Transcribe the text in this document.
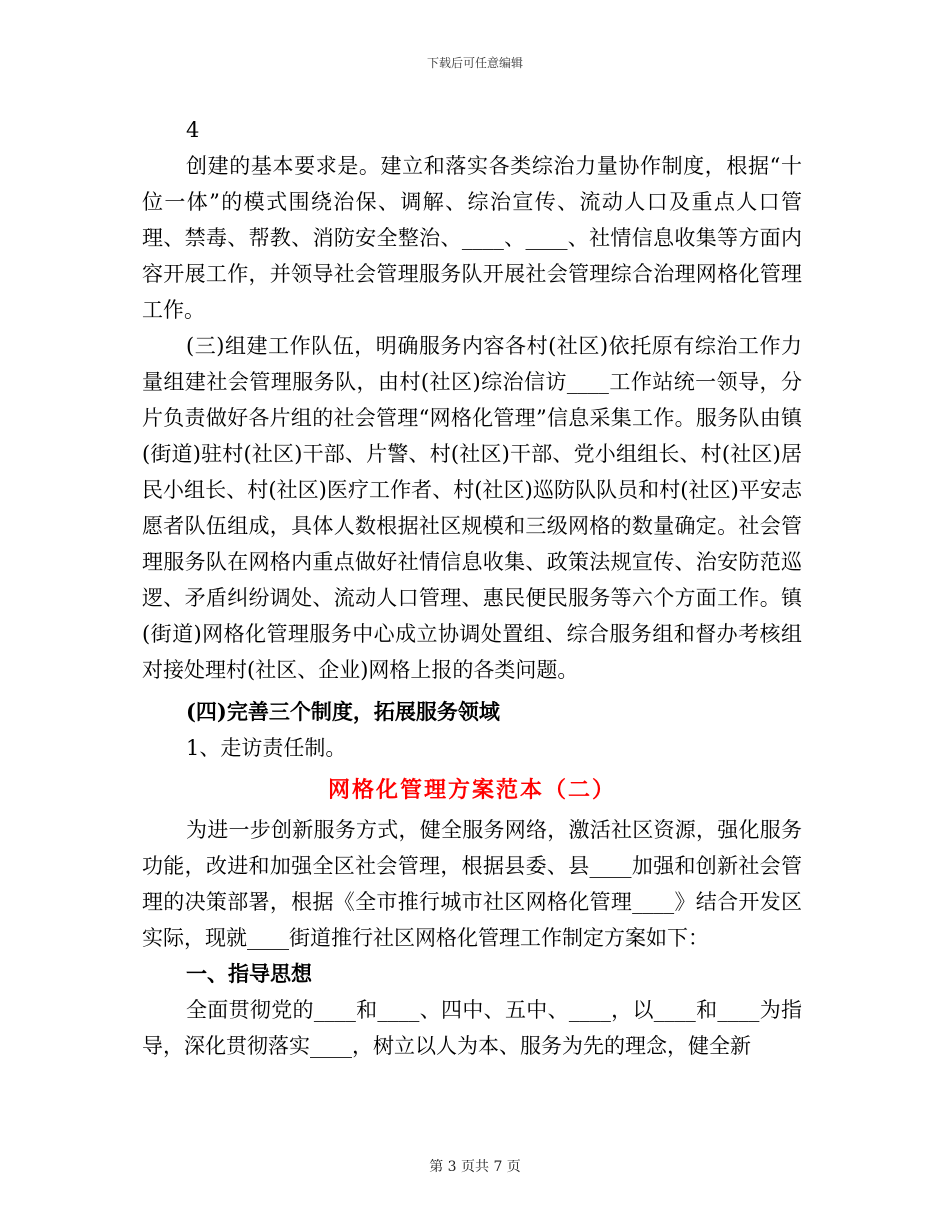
下载后可任意编辑

4

创建的基本要求是。建立和落实各类综治力量协作制度，根据“十位一体”的模式围绕治保、调解、综治宣传、流动人口及重点人口管理、禁毒、帮教、消防安全整治、____、____、社情信息收集等方面内容开展工作，并领导社会管理服务队开展社会管理综合治理网格化管理工作。

(三)组建工作队伍，明确服务内容各村(社区)依托原有综治工作力量组建社会管理服务队，由村(社区)综治信访____工作站统一领导，分片负责做好各片组的社会管理“网格化管理”信息采集工作。服务队由镇(街道)驻村(社区)干部、片警、村(社区)干部、党小组组长、村(社区)居民小组长、村(社区)医疗工作者、村(社区)巡防队队员和村(社区)平安志愿者队伍组成，具体人数根据社区规模和三级网格的数量确定。社会管理服务队在网格内重点做好社情信息收集、政策法规宣传、治安防范巡逻、矛盾纠纷调处、流动人口管理、惠民便民服务等六个方面工作。镇(街道)网格化管理服务中心成立协调处置组、综合服务组和督办考核组对接处理村(社区、企业)网格上报的各类问题。

(四)完善三个制度，拓展服务领域

1、走访责任制。

网格化管理方案范本（二）

为进一步创新服务方式，健全服务网络，激活社区资源，强化服务功能，改进和加强全区社会管理，根据县委、县____加强和创新社会管理的决策部署，根据《全市推行城市社区网格化管理____》结合开发区实际，现就____街道推行社区网格化管理工作制定方案如下：

一、指导思想

全面贯彻党的____和____、四中、五中、____，以____和____为指导，深化贯彻落实____，树立以人为本、服务为先的理念，健全新

第 3 页共 7 页
